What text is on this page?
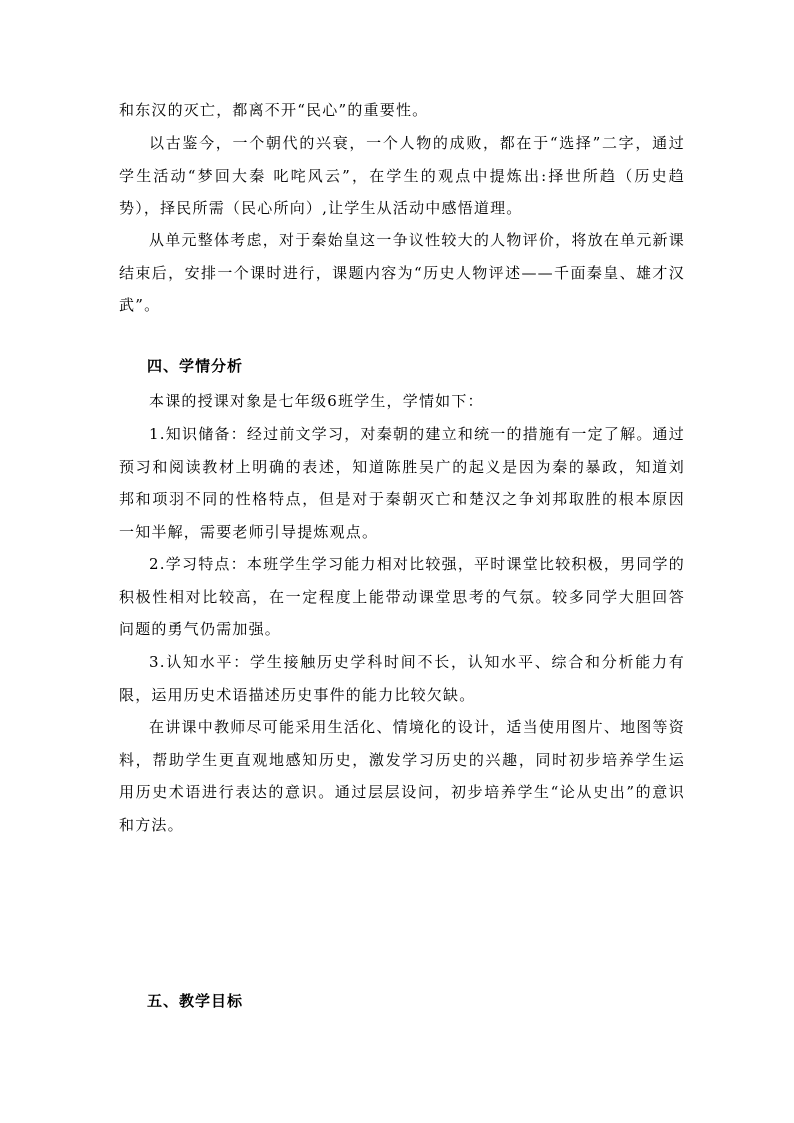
和东汉的灭亡，都离不开“民心”的重要性。

以古鉴今，一个朝代的兴衰，一个人物的成败，都在于“选择”二字，通过学生活动“梦回大秦 叱咤风云”，在学生的观点中提炼出:择世所趋（历史趋势），择民所需（民心所向）,让学生从活动中感悟道理。

从单元整体考虑，对于秦始皇这一争议性较大的人物评价，将放在单元新课结束后，安排一个课时进行，课题内容为“历史人物评述——千面秦皇、雄才汉武”。

四、学情分析

本课的授课对象是七年级6班学生，学情如下：

1.知识储备：经过前文学习，对秦朝的建立和统一的措施有一定了解。通过预习和阅读教材上明确的表述，知道陈胜吴广的起义是因为秦的暴政，知道刘邦和项羽不同的性格特点，但是对于秦朝灭亡和楚汉之争刘邦取胜的根本原因一知半解，需要老师引导提炼观点。

2.学习特点：本班学生学习能力相对比较强，平时课堂比较积极，男同学的积极性相对比较高，在一定程度上能带动课堂思考的气氛。较多同学大胆回答问题的勇气仍需加强。

3.认知水平：学生接触历史学科时间不长，认知水平、综合和分析能力有限，运用历史术语描述历史事件的能力比较欠缺。

在讲课中教师尽可能采用生活化、情境化的设计，适当使用图片、地图等资料，帮助学生更直观地感知历史，激发学习历史的兴趣，同时初步培养学生运用历史术语进行表达的意识。通过层层设问，初步培养学生“论从史出”的意识和方法。

五、教学目标
